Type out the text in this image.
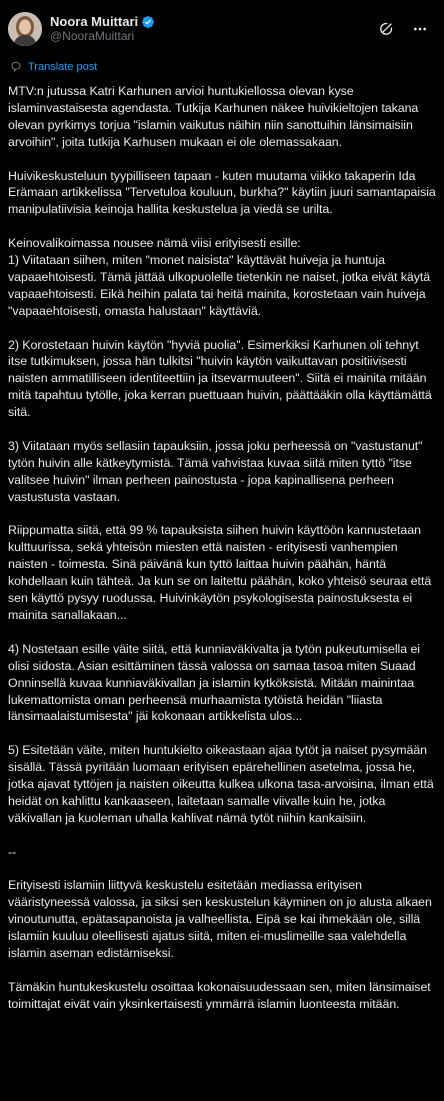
Noora Muittari
@NooraMuittari
Translate post

MTV:n jutussa Katri Karhunen arvioi huntukiellossa olevan kyse islaminvastaisesta agendasta. Tutkija Karhunen näkee huivikieltojen takana olevan pyrkimys torjua "islamin vaikutus näihin niin sanottuihin länsimaisiin arvoihin", joita tutkija Karhusen mukaan ei ole olemassakaan.

Huivikeskusteluun tyypilliseen tapaan - kuten muutama viikko takaperin Ida Erämaan artikkelissa "Tervetuloa kouluun, burkha?" käytiin juuri samantapaisia manipulatiivisia keinoja hallita keskustelua ja viedä se urilta.

Keinovalikoimassa nousee nämä viisi erityisesti esille:
1) Viitataan siihen, miten "monet naisista" käyttävät huiveja ja huntuja vapaaehtoisesti. Tämä jättää ulkopuolelle tietenkin ne naiset, jotka eivät käytä vapaaehtoisesti. Eikä heihin palata tai heitä mainita, korostetaan vain huiveja "vapaaehtoisesti, omasta halustaan" käyttäviä.

2) Korostetaan huivin käytön "hyviä puolia". Esimerkiksi Karhunen oli tehnyt itse tutkimuksen, jossa hän tulkitsi "huivin käytön vaikuttavan positiivisesti naisten ammatilliseen identiteettiin ja itsevarmuuteen". Siitä ei mainita mitään mitä tapahtuu tytölle, joka kerran puettuaan huivin, päättääkin olla käyttämättä sitä.

3) Viitataan myös sellasiin tapauksiin, jossa joku perheessä on "vastustanut" tytön huivin alle kätkeytymistä. Tämä vahvistaa kuvaa siitä miten tyttö "itse valitsee huivin" ilman perheen painostusta - jopa kapinallisena perheen vastustusta vastaan.

Riippumatta siitä, että 99 % tapauksista siihen huivin käyttöön kannustetaan kulttuurissa, sekä yhteisön miesten että naisten - erityisesti vanhempien naisten - toimesta. Sinä päivänä kun tyttö laittaa huivin päähän, häntä kohdellaan kuin tähteä. Ja kun se on laitettu päähän, koko yhteisö seuraa että sen käyttö pysyy ruodussa. Huivinkäytön psykologisesta painostuksesta ei mainita sanallakaan...

4) Nostetaan esille väite siitä, että kunniaväkivalta ja tytön pukeutumisella ei olisi sidosta. Asian esittäminen tässä valossa on samaa tasoa miten Suaad Onninsellä kuvaa kunniaväkivallan ja islamin kytköksistä. Mitään mainintaa lukemattomista oman perheensä murhaamista tytöistä heidän "liiasta länsimaalaistumisesta" jäi kokonaan artikkelista ulos...

5) Esitetään väite, miten huntukielto oikeastaan ajaa tytöt ja naiset pysymään sisällä. Tässä pyritään luomaan erityisen epärehellinen asetelma, jossa he, jotka ajavat tyttöjen ja naisten oikeutta kulkea ulkona tasa-arvoisina, ilman että heidät on kahlittu kankaaseen, laitetaan samalle viivalle kuin he, jotka väkivallan ja kuoleman uhalla kahlivat nämä tytöt niihin kankaisiin.

--

Erityisesti islamiin liittyvä keskustelu esitetään mediassa erityisen vääristyneessä valossa, ja siksi sen keskustelun käyminen on jo alusta alkaen vinoutunutta, epätasapanoista ja valheellista. Eipä se kai ihmekään ole, sillä islamiin kuuluu oleellisesti ajatus siitä, miten ei-muslimeille saa valehdella islamin aseman edistämiseksi.

Tämäkin huntukeskustelu osoittaa kokonaisuudessaan sen, miten länsimaiset toimittajat eivät vain yksinkertaisesti ymmärrä islamin luonteesta mitään.
